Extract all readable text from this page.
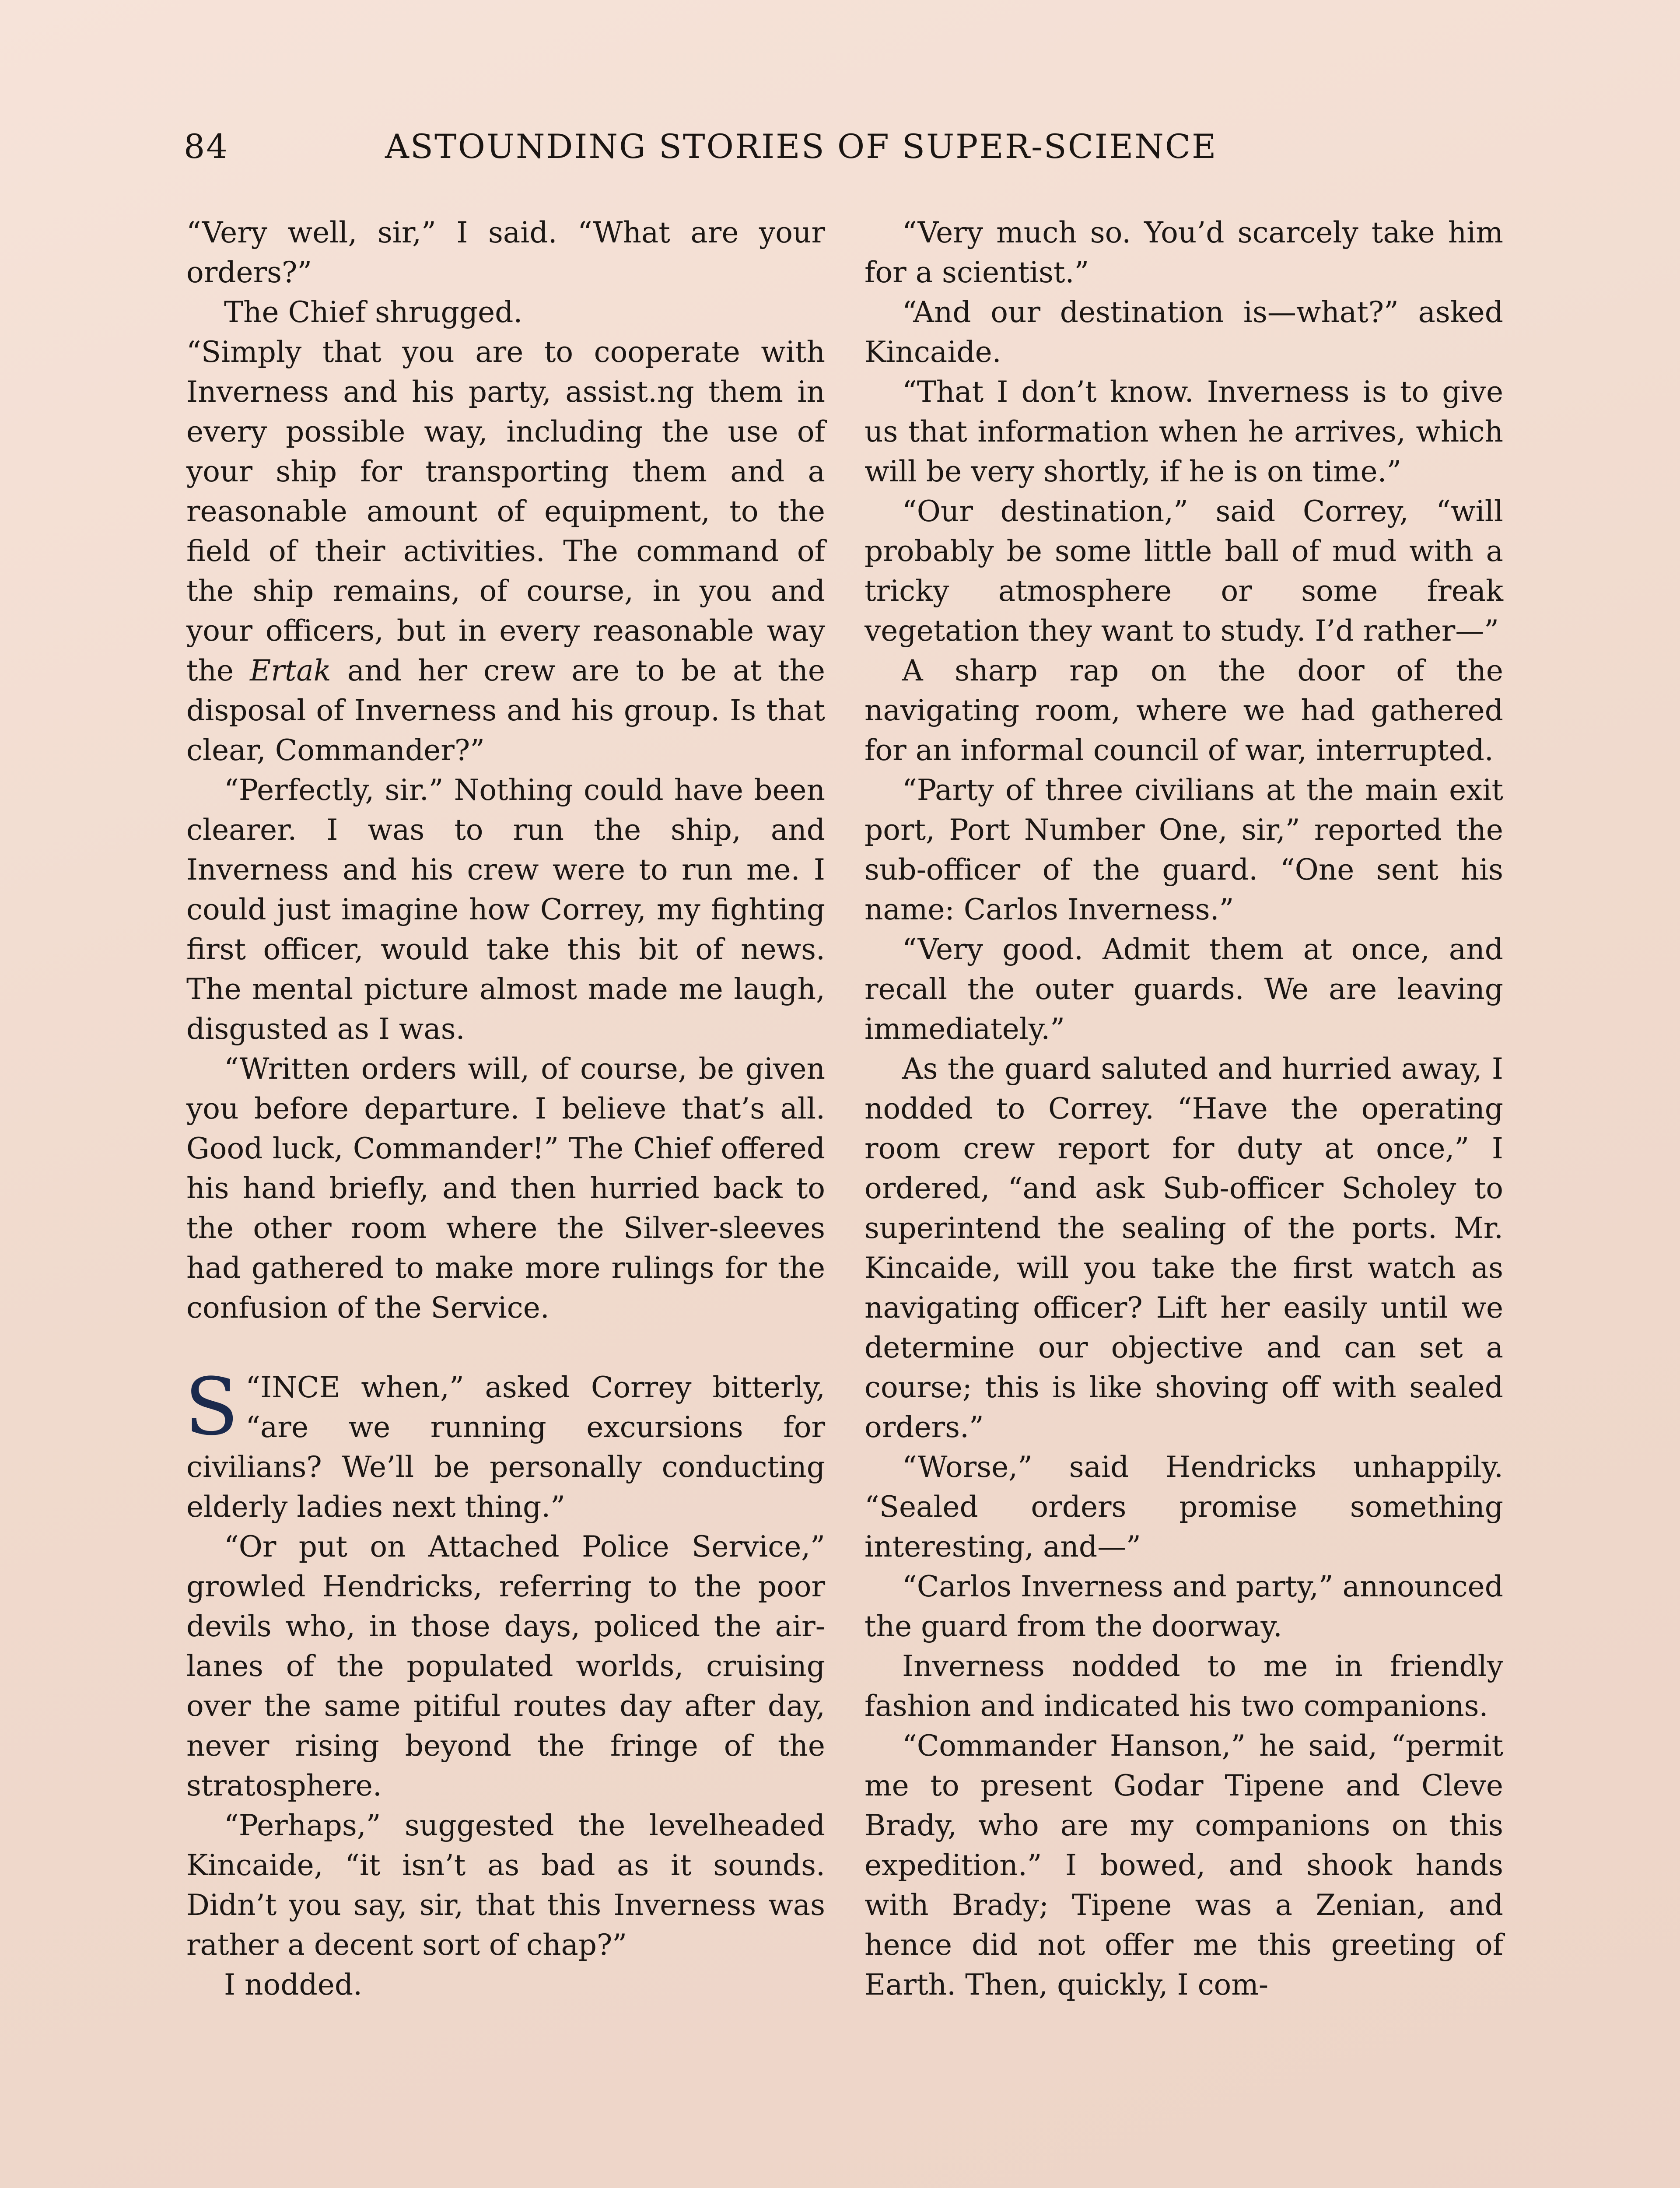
84	ASTOUNDING STORIES OF SUPER-SCIENCE

“Very well, sir,” I said. “What are your orders?”

The Chief shrugged.

“Simply that you are to cooperate with Inverness and his party, assist.ng them in every possible way, including the use of your ship for transporting them and a reasonable amount of equipment, to the field of their activities. The command of the ship remains, of course, in you and your officers, but in every reasonable way the Ertak and her crew are to be at the disposal of Inverness and his group. Is that clear, Commander?”

“Perfectly, sir.” Nothing could have been clearer. I was to run the ship, and Inverness and his crew were to run me. I could just imagine how Correy, my fighting first officer, would take this bit of news. The mental picture almost made me laugh, disgusted as I was.

“Written orders will, of course, be given you before departure. I believe that’s all. Good luck, Commander!” The Chief offered his hand briefly, and then hurried back to the other room where the Silver-sleeves had gathered to make more rulings for the confusion of the Service.

“
S INCE when,” asked Correy bitterly, “are we running excursions for civilians? We’ll be personally conducting elderly ladies next thing.”

“Or put on Attached Police Service,” growled Hendricks, referring to the poor devils who, in those days, policed the air-lanes of the populated worlds, cruising over the same pitiful routes day after day, never rising beyond the fringe of the stratosphere.

“Perhaps,” suggested the levelheaded Kincaide, “it isn’t as bad as it sounds. Didn’t you say, sir, that this Inverness was rather a decent sort of chap?”

I nodded.

“Very much so. You’d scarcely take him for a scientist.”

“And our destination is—what?” asked Kincaide.

“That I don’t know. Inverness is to give us that information when he arrives, which will be very shortly, if he is on time.”

“Our destination,” said Correy, “will probably be some little ball of mud with a tricky atmosphere or some freak vegetation they want to study. I’d rather—”

A sharp rap on the door of the navigating room, where we had gathered for an informal council of war, interrupted.

“Party of three civilians at the main exit port, Port Number One, sir,” reported the sub-officer of the guard. “One sent his name: Carlos Inverness.”

“Very good. Admit them at once, and recall the outer guards. We are leaving immediately.”

As the guard saluted and hurried away, I nodded to Correy. “Have the operating room crew report for duty at once,” I ordered, “and ask Sub-officer Scholey to superintend the sealing of the ports. Mr. Kincaide, will you take the first watch as navigating officer? Lift her easily until we determine our objective and can set a course; this is like shoving off with sealed orders.”

“Worse,” said Hendricks unhappily. “Sealed orders promise something interesting, and—”

“Carlos Inverness and party,” announced the guard from the doorway.

Inverness nodded to me in friendly fashion and indicated his two companions.

“Commander Hanson,” he said, “permit me to present Godar Tipene and Cleve Brady, who are my companions on this expedition.” I bowed, and shook hands with Brady; Tipene was a Zenian, and hence did not offer me this greeting of Earth. Then, quickly, I com-
